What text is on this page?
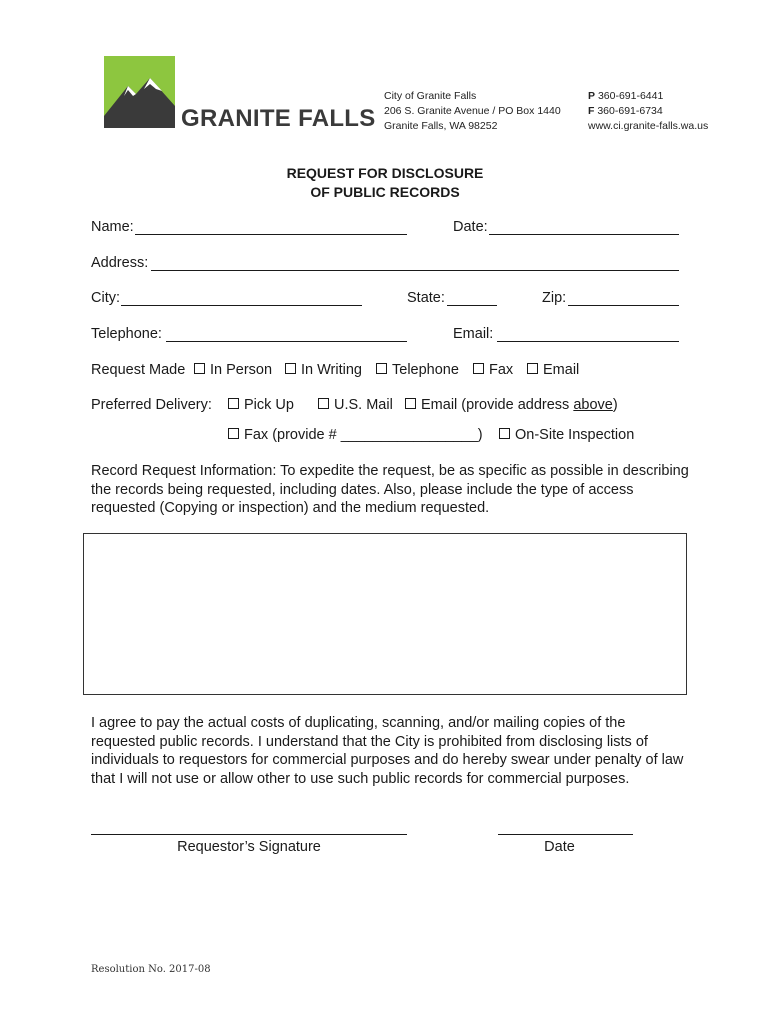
GRANITE FALLS
City of Granite Falls
206 S. Granite Avenue / PO Box 1440
Granite Falls, WA 98252
P 360-691-6441
F 360-691-6734
www.ci.granite-falls.wa.us
REQUEST FOR DISCLOSURE
OF PUBLIC RECORDS
Name:	Date:
Address:
City:	State:	Zip:
Telephone:	Email:
Request Made	In Person	In Writing	Telephone	Fax	Email
Preferred Delivery:	Pick Up	U.S. Mail	Email (provide address above)
Fax (provide # _________________)	On-Site Inspection
Record Request Information: To expedite the request, be as specific as possible in describing the records being requested, including dates. Also, please include the type of access requested (Copying or inspection) and the medium requested.
I agree to pay the actual costs of duplicating, scanning, and/or mailing copies of the requested public records. I understand that the City is prohibited from disclosing lists of individuals to requestors for commercial purposes and do hereby swear under penalty of law that I will not use or allow other to use such public records for commercial purposes.
Requestor’s Signature	Date
Resolution No. 2017-08
